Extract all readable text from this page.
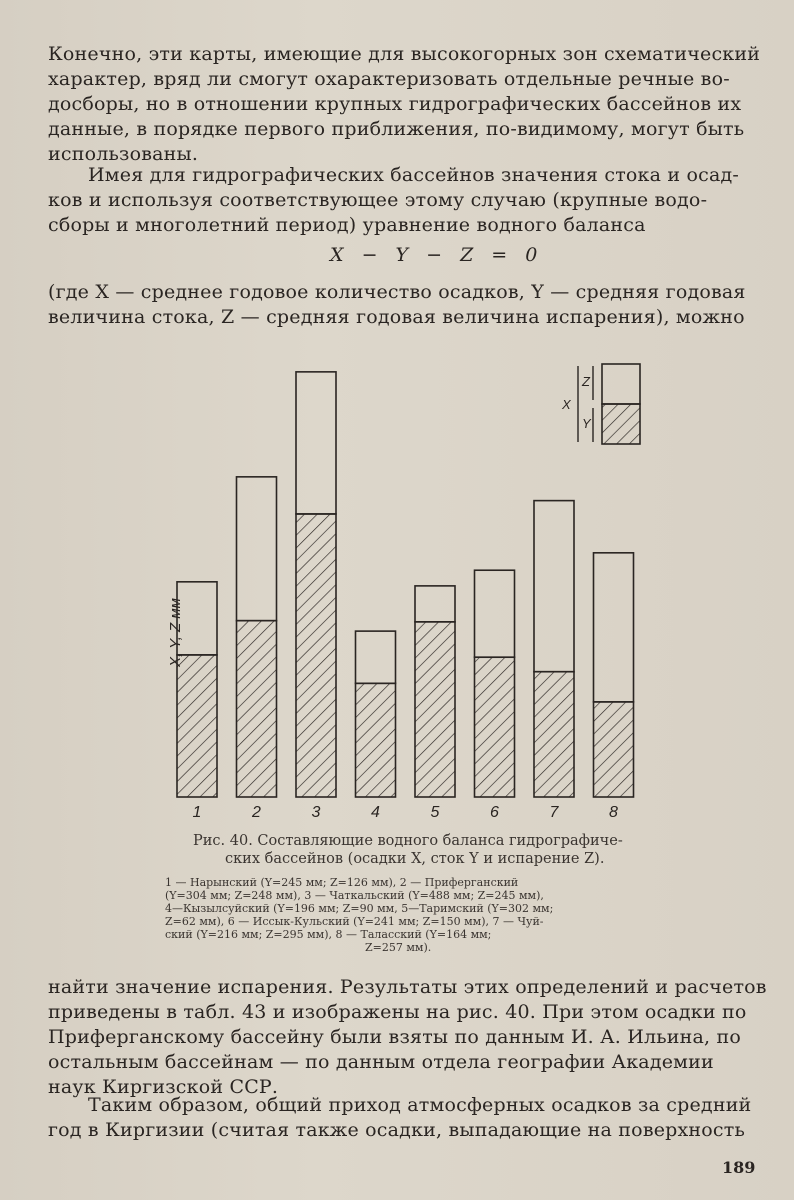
Конечно, эти карты, имеющие для высокогорных зон схематический
характер, вряд ли смогут охарактеризовать отдельные речные во-
досборы, но в отношении крупных гидрографических бассейнов их
данные, в порядке первого приближения, по-видимому, могут быть
использованы.
Имея для гидрографических бассейнов значения стока и осад-
ков и используя соответствующее этому случаю (крупные водо-
сборы и многолетний период) уравнение водного баланса
X − Y − Z = 0
(где X — среднее годовое количество осадков, Y — средняя годовая
величина стока, Z — средняя годовая величина испарения), можно
1	2	3	4	5	6	7	8
X, Y, Z мм
X
Z
Y
Рис. 40. Составляющие водного баланса гидрографиче-
ских бассейнов (осадки X, сток Y и испарение Z).
1 — Нарынский (Y=245 мм; Z=126 мм), 2 — Приферганский
(Y=304 мм; Z=248 мм), 3 — Чаткальский (Y=488 мм; Z=245 мм),
4—Кызылсуйский (Y=196 мм; Z=90 мм, 5—Таримский (Y=302 мм;
Z=62 мм), 6 — Иссык-Кульский (Y=241 мм; Z=150 мм), 7 — Чуй-
ский (Y=216 мм; Z=295 мм), 8 — Таласский (Y=164 мм;
Z=257 мм).
найти значение испарения. Результаты этих определений и расчетов
приведены в табл. 43 и изображены на рис. 40. При этом осадки по
Приферганскому бассейну были взяты по данным И. А. Ильина, по
остальным бассейнам — по данным отдела географии Академии
наук Киргизской ССР.
Таким образом, общий приход атмосферных осадков за средний
год в Киргизии (считая также осадки, выпадающие на поверхность
189
